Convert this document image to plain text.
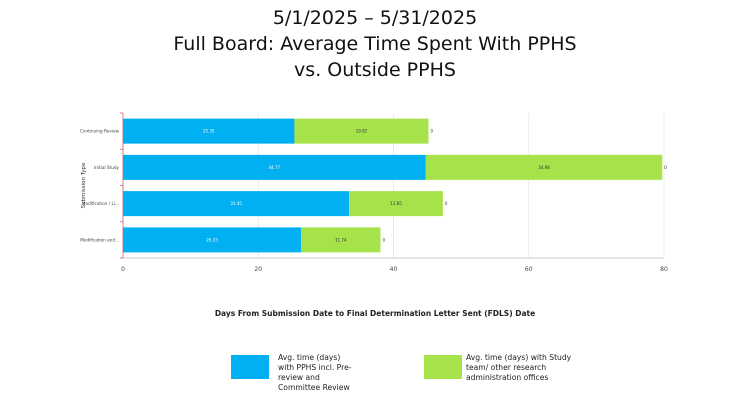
5/1/2025 – 5/31/2025
Full Board: Average Time Spent With PPHS
vs. Outside PPHS
0	20	40	60	80
Submission Type
Continuing Review	25.35	19.82	0
Initial Study	44.77	34.98	0
Modification / Li...	33.45	13.85	0
Modification and...	26.33	11.74	0
Days From Submission Date to Final Determination Letter Sent (FDLS) Date
Avg. time (days)
with PPHS incl. Pre-
review and
Committee Review
Avg. time (days) with Study
team/ other research
administration offices
